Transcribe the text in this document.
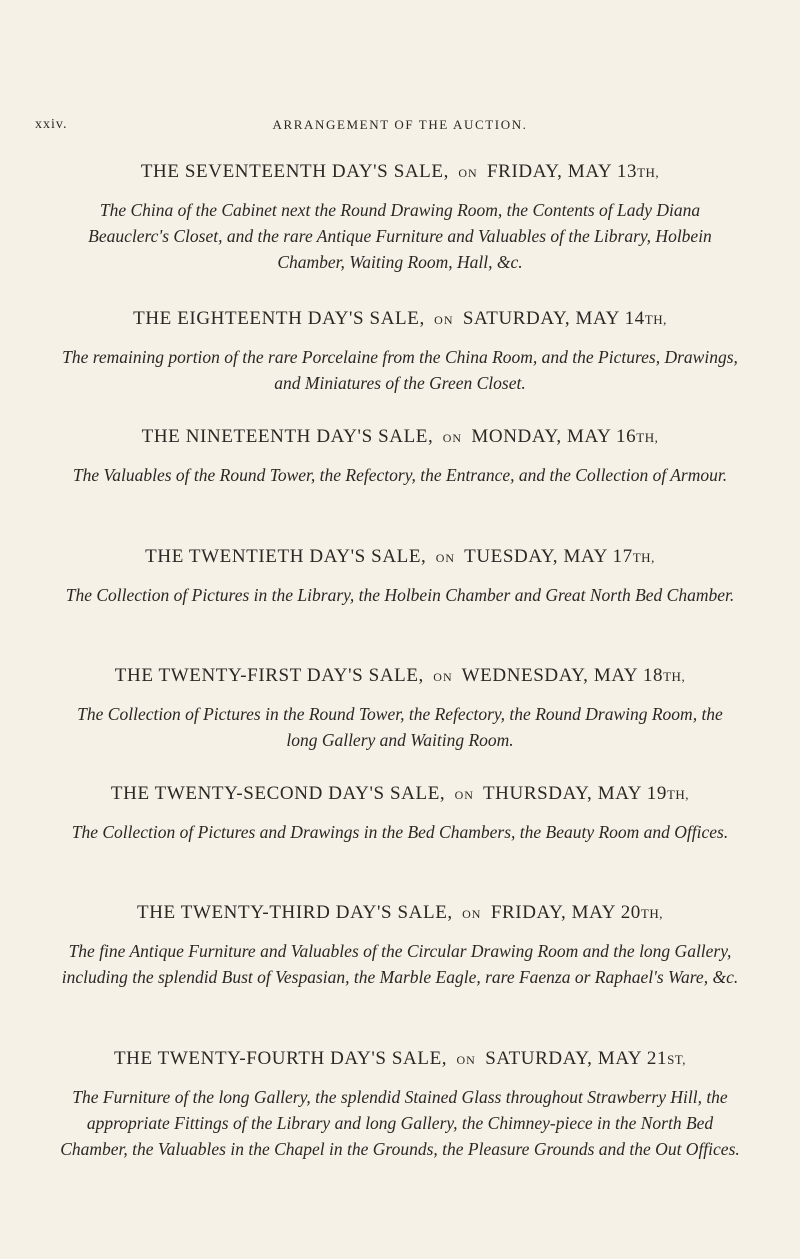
xxiv.	ARRANGEMENT OF THE AUCTION.
THE SEVENTEENTH DAY'S SALE, ON FRIDAY, MAY 13TH,
The China of the Cabinet next the Round Drawing Room, the Contents of Lady Diana Beauclerc's Closet, and the rare Antique Furniture and Valuables of the Library, Holbein Chamber, Waiting Room, Hall, &c.
THE EIGHTEENTH DAY'S SALE, ON SATURDAY, MAY 14TH,
The remaining portion of the rare Porcelaine from the China Room, and the Pictures, Drawings, and Miniatures of the Green Closet.
THE NINETEENTH DAY'S SALE, ON MONDAY, MAY 16TH,
The Valuables of the Round Tower, the Refectory, the Entrance, and the Collection of Armour.
THE TWENTIETH DAY'S SALE, ON TUESDAY, MAY 17TH,
The Collection of Pictures in the Library, the Holbein Chamber and Great North Bed Chamber.
THE TWENTY-FIRST DAY'S SALE, ON WEDNESDAY, MAY 18TH,
The Collection of Pictures in the Round Tower, the Refectory, the Round Drawing Room, the long Gallery and Waiting Room.
THE TWENTY-SECOND DAY'S SALE, ON THURSDAY, MAY 19TH,
The Collection of Pictures and Drawings in the Bed Chambers, the Beauty Room and Offices.
THE TWENTY-THIRD DAY'S SALE, ON FRIDAY, MAY 20TH,
The fine Antique Furniture and Valuables of the Circular Drawing Room and the long Gallery, including the splendid Bust of Vespasian, the Marble Eagle, rare Faenza or Raphael's Ware, &c.
THE TWENTY-FOURTH DAY'S SALE, ON SATURDAY, MAY 21ST,
The Furniture of the long Gallery, the splendid Stained Glass throughout Strawberry Hill, the appropriate Fittings of the Library and long Gallery, the Chimney-piece in the North Bed Chamber, the Valuables in the Chapel in the Grounds, the Pleasure Grounds and the Out Offices.
